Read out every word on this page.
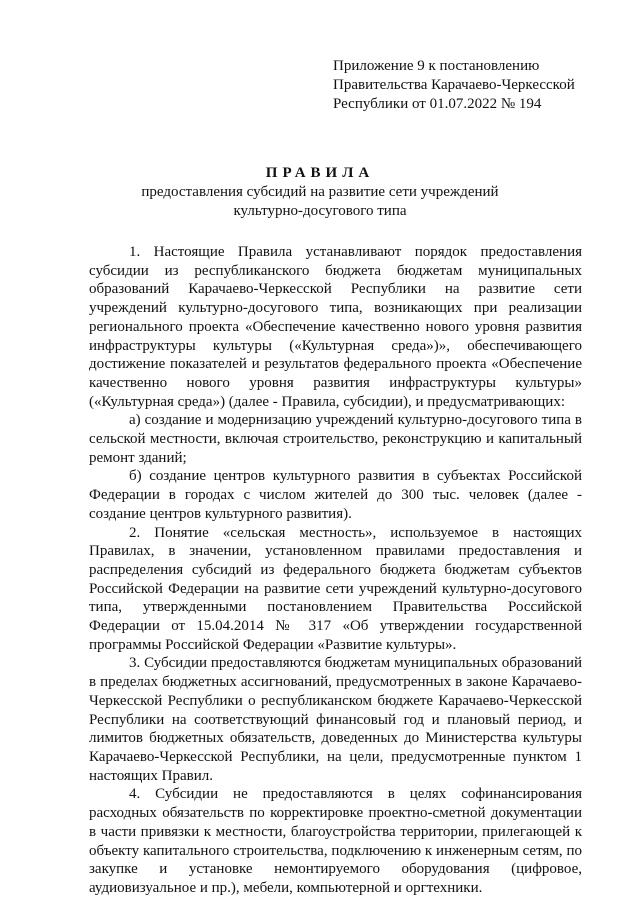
Приложение 9 к постановлению
Правительства Карачаево-Черкесской
Республики от 01.07.2022 № 194
ПРАВИЛА
предоставления субсидий на развитие сети учреждений
культурно-досугового типа

1. Настоящие Правила устанавливают порядок предоставления субсидии из республиканского бюджета бюджетам муниципальных образований Карачаево-Черкесской Республики на развитие сети учреждений культурно-досугового типа, возникающих при реализации регионального проекта «Обеспечение качественно нового уровня развития инфраструктуры культуры («Культурная среда»)», обеспечивающего достижение показателей и результатов федерального проекта «Обеспечение качественно нового уровня развития инфраструктуры культуры» («Культурная среда») (далее - Правила, субсидии), и предусматривающих:

а) создание и модернизацию учреждений культурно-досугового типа в сельской местности, включая строительство, реконструкцию и капитальный ремонт зданий;

б) создание центров культурного развития в субъектах Российской Федерации в городах с числом жителей до 300 тыс. человек (далее - создание центров культурного развития).

2. Понятие «сельская местность», используемое в настоящих Правилах, в значении, установленном правилами предоставления и распределения субсидий из федерального бюджета бюджетам субъектов Российской Федерации на развитие сети учреждений культурно-досугового типа, утвержденными постановлением Правительства Российской Федерации от 15.04.2014 № 317 «Об утверждении государственной программы Российской Федерации «Развитие культуры».

3. Субсидии предоставляются бюджетам муниципальных образований в пределах бюджетных ассигнований, предусмотренных в законе Карачаево-Черкесской Республики о республиканском бюджете Карачаево-Черкесской Республики на соответствующий финансовый год и плановый период, и лимитов бюджетных обязательств, доведенных до Министерства культуры Карачаево-Черкесской Республики, на цели, предусмотренные пунктом 1 настоящих Правил.

4. Субсидии не предоставляются в целях софинансирования расходных обязательств по корректировке проектно-сметной документации в части привязки к местности, благоустройства территории, прилегающей к объекту капитального строительства, подключению к инженерным сетям, по закупке и установке немонтируемого оборудования (цифровое, аудиовизуальное и пр.), мебели, компьютерной и оргтехники.
